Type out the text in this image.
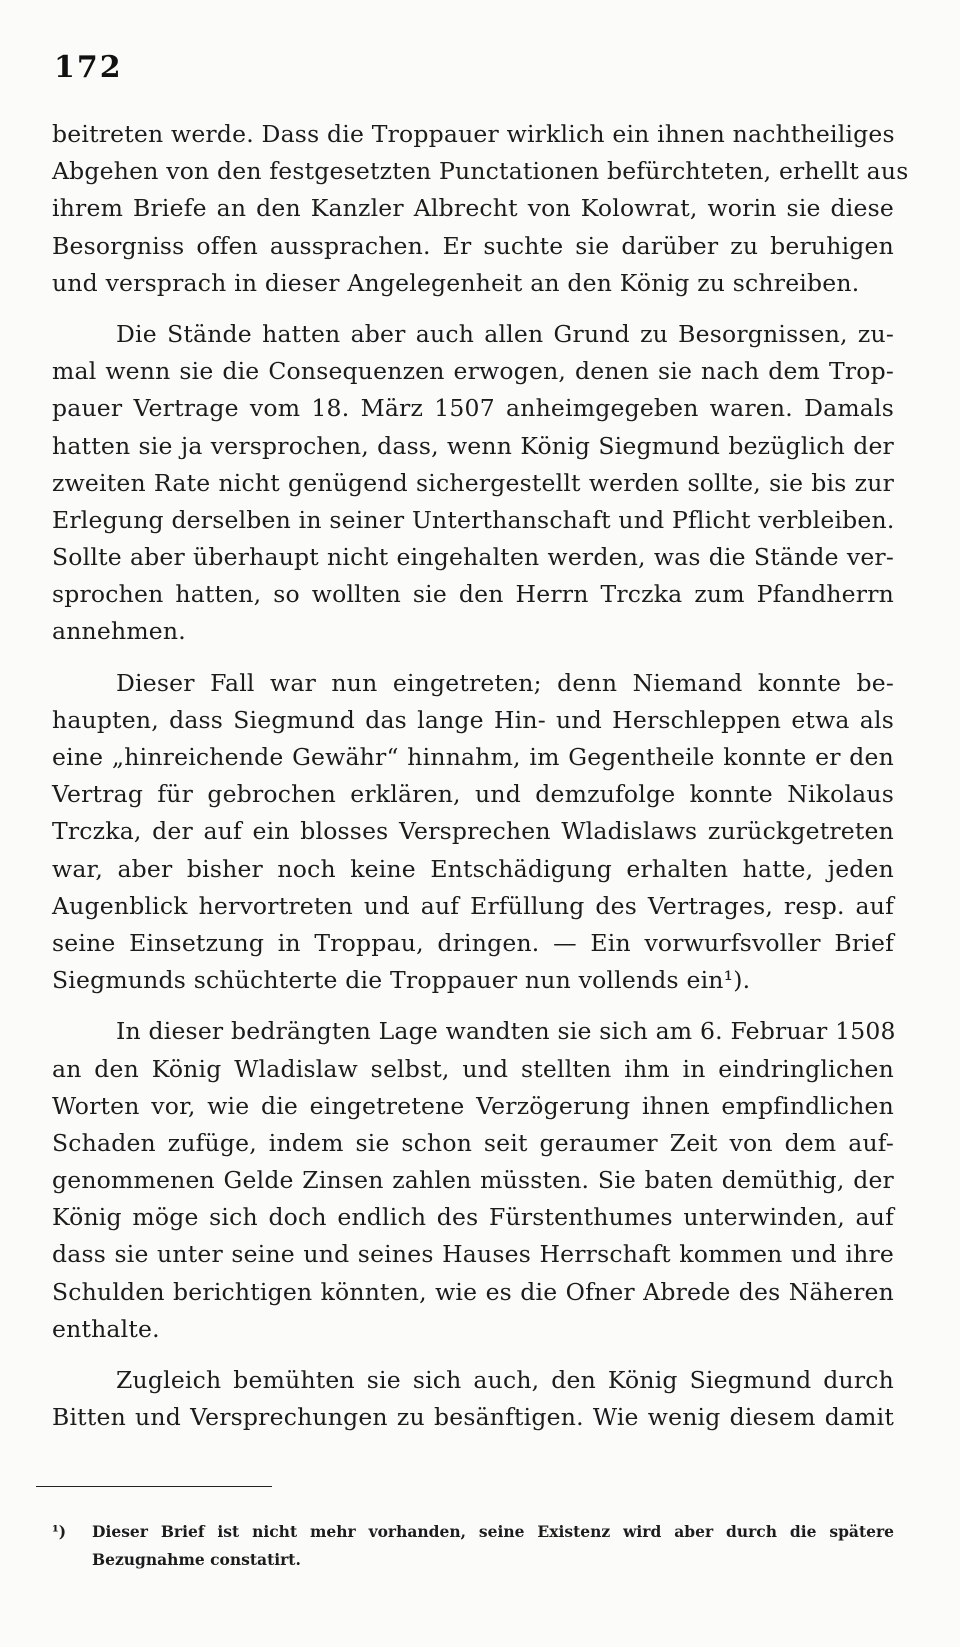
172
beitreten werde. Dass die Troppauer wirklich ein ihnen nachtheiliges
Abgehen von den festgesetzten Punctationen befürchteten, erhellt aus
ihrem Briefe an den Kanzler Albrecht von Kolowrat, worin sie diese
Besorgniss offen aussprachen. Er suchte sie darüber zu beruhigen
und versprach in dieser Angelegenheit an den König zu schreiben.
Die Stände hatten aber auch allen Grund zu Besorgnissen, zu-
mal wenn sie die Consequenzen erwogen, denen sie nach dem Trop-
pauer Vertrage vom 18. März 1507 anheimgegeben waren. Damals
hatten sie ja versprochen, dass, wenn König Siegmund bezüglich der
zweiten Rate nicht genügend sichergestellt werden sollte, sie bis zur
Erlegung derselben in seiner Unterthanschaft und Pflicht verbleiben.
Sollte aber überhaupt nicht eingehalten werden, was die Stände ver-
sprochen hatten, so wollten sie den Herrn Trczka zum Pfandherrn
annehmen.
Dieser Fall war nun eingetreten; denn Niemand konnte be-
haupten, dass Siegmund das lange Hin- und Herschleppen etwa als
eine „hinreichende Gewähr“ hinnahm, im Gegentheile konnte er den
Vertrag für gebrochen erklären, und demzufolge konnte Nikolaus
Trczka, der auf ein blosses Versprechen Wladislaws zurückgetreten
war, aber bisher noch keine Entschädigung erhalten hatte, jeden
Augenblick hervortreten und auf Erfüllung des Vertrages, resp. auf
seine Einsetzung in Troppau, dringen. — Ein vorwurfsvoller Brief
Siegmunds schüchterte die Troppauer nun vollends ein¹).
In dieser bedrängten Lage wandten sie sich am 6. Februar 1508
an den König Wladislaw selbst, und stellten ihm in eindringlichen
Worten vor, wie die eingetretene Verzögerung ihnen empfindlichen
Schaden zufüge, indem sie schon seit geraumer Zeit von dem auf-
genommenen Gelde Zinsen zahlen müssten. Sie baten demüthig, der
König möge sich doch endlich des Fürstenthumes unterwinden, auf
dass sie unter seine und seines Hauses Herrschaft kommen und ihre
Schulden berichtigen könnten, wie es die Ofner Abrede des Näheren
enthalte.
Zugleich bemühten sie sich auch, den König Siegmund durch
Bitten und Versprechungen zu besänftigen. Wie wenig diesem damit
¹) Dieser Brief ist nicht mehr vorhanden, seine Existenz wird aber durch die spätere
Bezugnahme constatirt.
